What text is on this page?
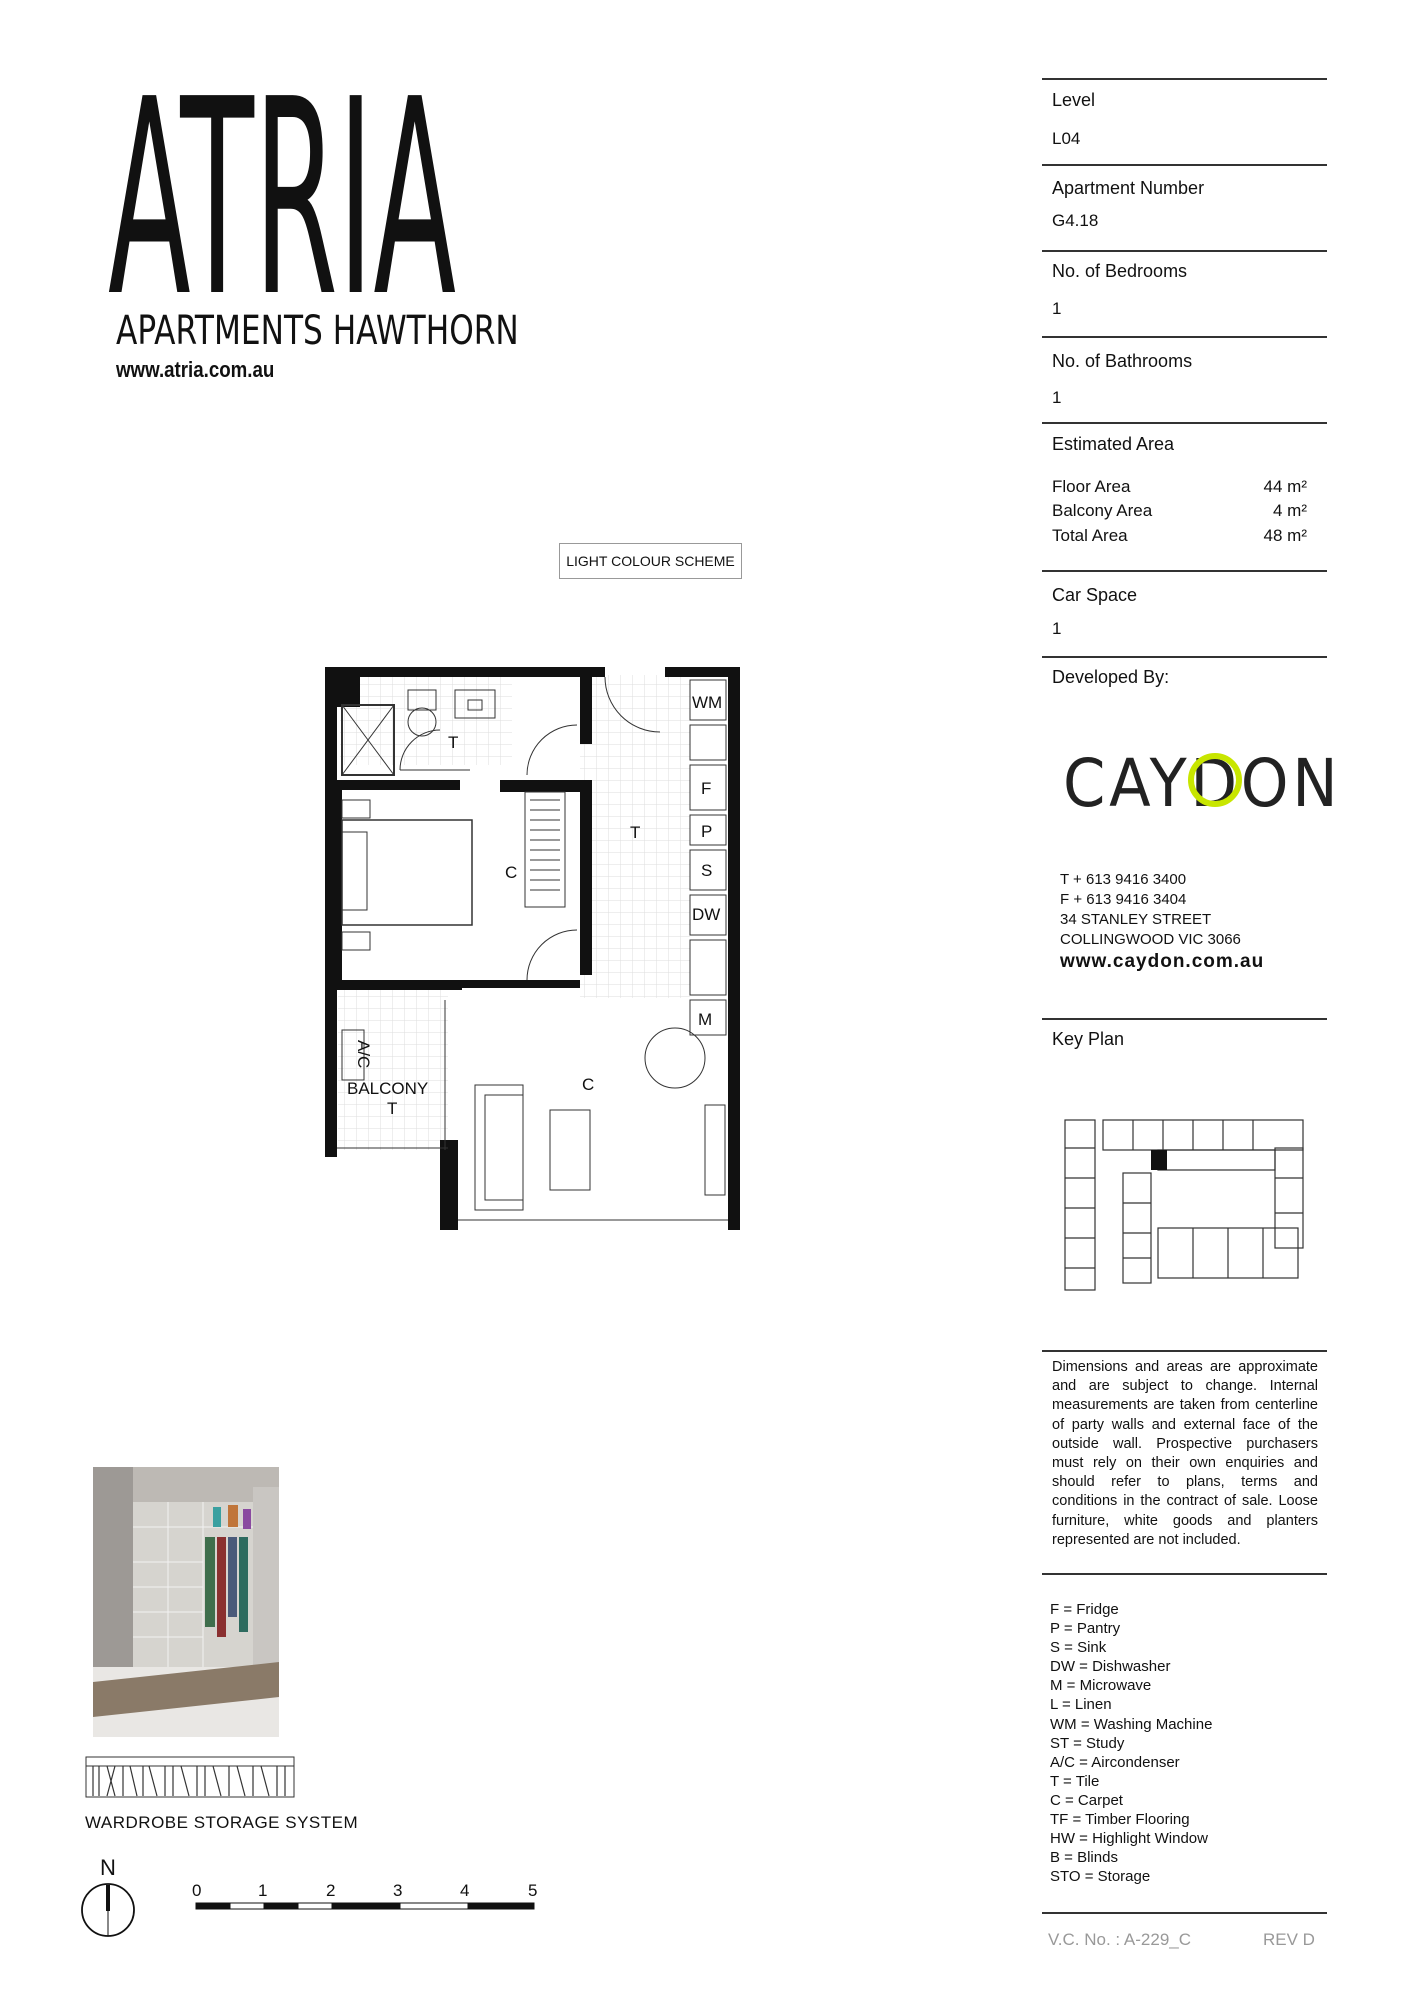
ATRIA
APARTMENTS HAWTHORN
www.atria.com.au
LIGHT COLOUR SCHEME
T
C
T
WM
F
P
S
DW
M
A/C
BALCONY
T
C
Level
L04
Apartment Number
G4.18
No. of Bedrooms
1
No. of Bathrooms
1
Estimated Area
Floor Area	44 m²
Balcony Area	4 m²
Total Area	48 m²
Car Space
1
Developed By:
Key Plan
CAYDON
T + 613 9416 3400
F + 613 9416 3404
34 STANLEY STREET
COLLINGWOOD VIC 3066
www.caydon.com.au
Dimensions and areas are approximate and are subject to change. Internal measurements are taken from centerline of party walls and external face of the outside wall. Prospective purchasers must rely on their own enquiries and should refer to plans, terms and conditions in the contract of sale. Loose furniture, white goods and planters represented are not included.
F = Fridge
P = Pantry
S = Sink
DW = Dishwasher
M = Microwave
L = Linen
WM = Washing Machine
ST = Study
A/C = Aircondenser
T = Tile
C = Carpet
TF = Timber Flooring
HW = Highlight Window
B = Blinds
STO = Storage
V.C. No. : A-229_C	REV D
WARDROBE STORAGE SYSTEM
N
0	1	2	3	4	5
